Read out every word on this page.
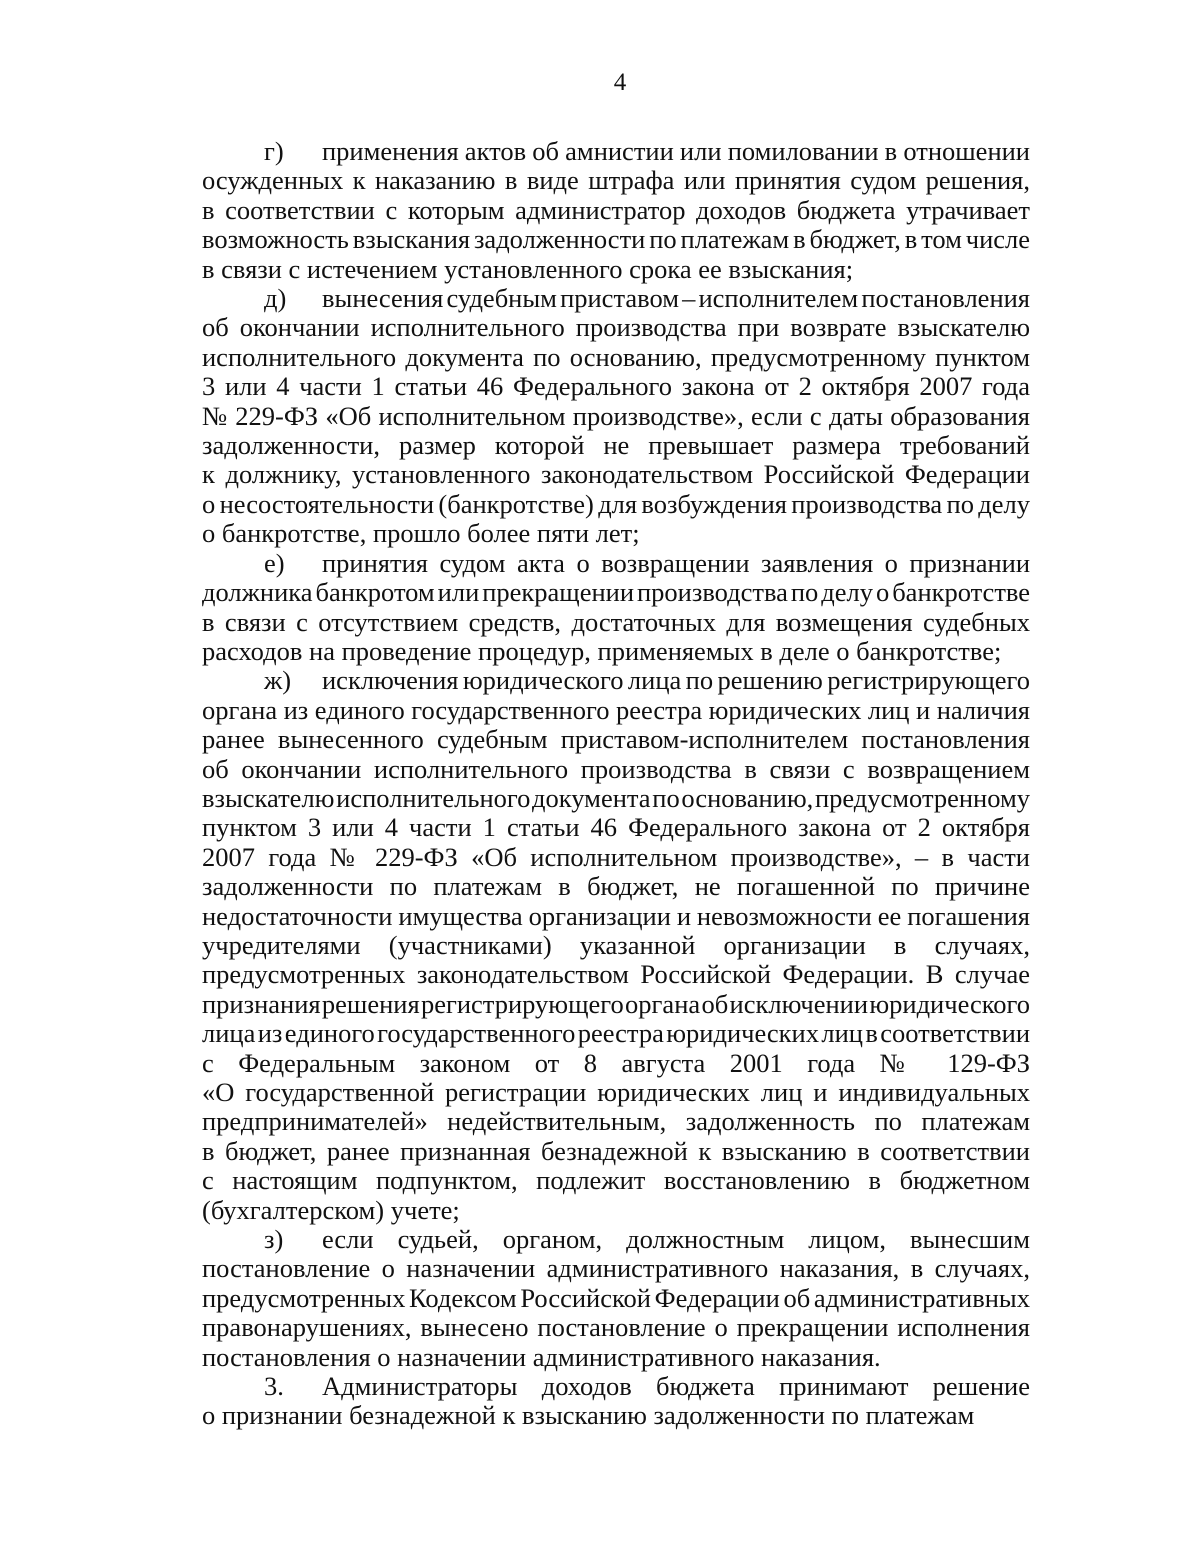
4

г) применения актов об амнистии или помиловании в отношении
осужденных к наказанию в виде штрафа или принятия судом решения,
в соответствии с которым администратор доходов бюджета утрачивает
возможность взыскания задолженности по платежам в бюджет, в том числе
в связи с истечением установленного срока ее взыскания;

д) вынесения судебным приставом – исполнителем постановления
об окончании исполнительного производства при возврате взыскателю
исполнительного документа по основанию, предусмотренному пунктом
3 или 4 части 1 статьи 46 Федерального закона от 2 октября 2007 года
№ 229-ФЗ «Об исполнительном производстве», если с даты образования
задолженности, размер которой не превышает размера требований
к должнику, установленного законодательством Российской Федерации
о несостоятельности (банкротстве) для возбуждения производства по делу
о банкротстве, прошло более пяти лет;

е) принятия судом акта о возвращении заявления о признании
должника банкротом или прекращении производства по делу о банкротстве
в связи с отсутствием средств, достаточных для возмещения судебных
расходов на проведение процедур, применяемых в деле о банкротстве;

ж) исключения юридического лица по решению регистрирующего
органа из единого государственного реестра юридических лиц и наличия
ранее вынесенного судебным приставом-исполнителем постановления
об окончании исполнительного производства в связи с возвращением
взыскателю исполнительного документа по основанию, предусмотренному
пунктом 3 или 4 части 1 статьи 46 Федерального закона от 2 октября
2007 года № 229-ФЗ «Об исполнительном производстве», – в части
задолженности по платежам в бюджет, не погашенной по причине
недостаточности имущества организации и невозможности ее погашения
учредителями (участниками) указанной организации в случаях,
предусмотренных законодательством Российской Федерации. В случае
признания решения регистрирующего органа об исключении юридического
лица из единого государственного реестра юридических лиц в соответствии
с Федеральным законом от 8 августа 2001 года № 129-ФЗ
«О государственной регистрации юридических лиц и индивидуальных
предпринимателей» недействительным, задолженность по платежам
в бюджет, ранее признанная безнадежной к взысканию в соответствии
с настоящим подпунктом, подлежит восстановлению в бюджетном
(бухгалтерском) учете;

з) если судьей, органом, должностным лицом, вынесшим
постановление о назначении административного наказания, в случаях,
предусмотренных Кодексом Российской Федерации об административных
правонарушениях, вынесено постановление о прекращении исполнения
постановления о назначении административного наказания.

3. Администраторы доходов бюджета принимают решение
о признании безнадежной к взысканию задолженности по платежам
